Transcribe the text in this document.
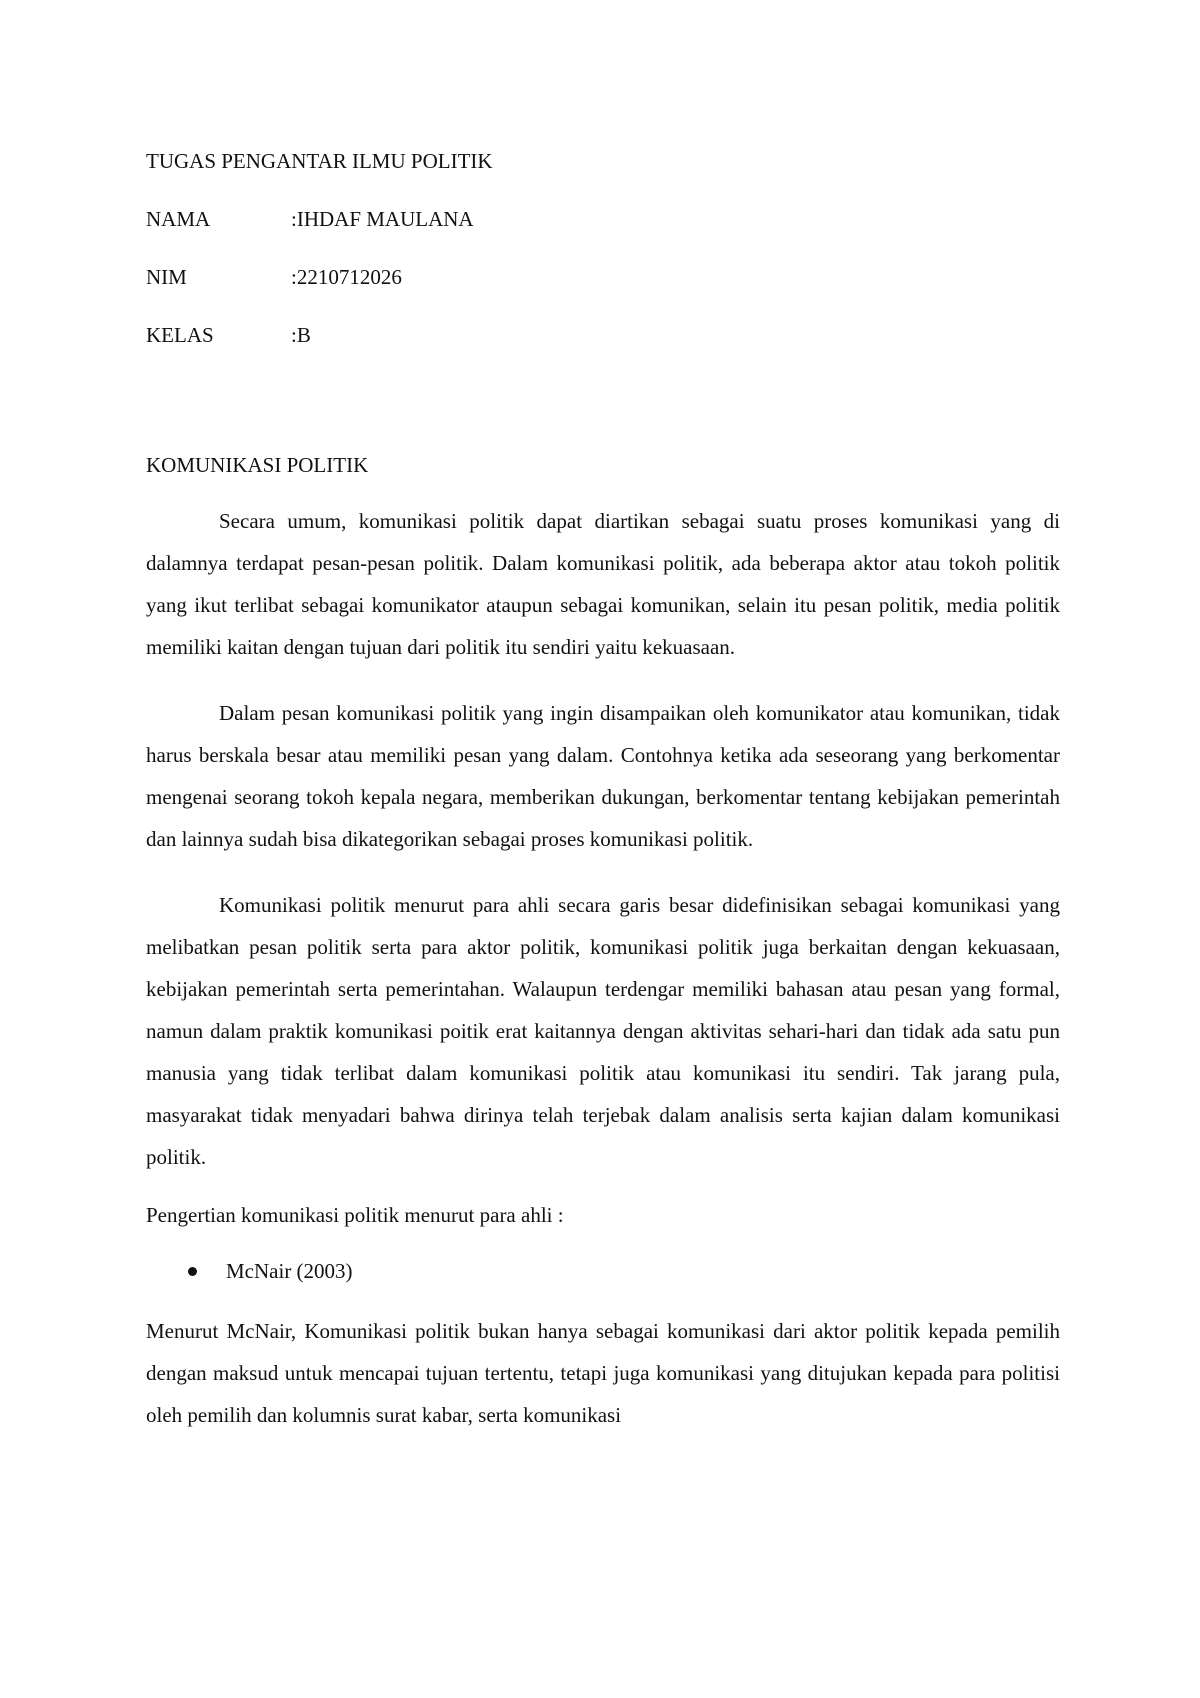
TUGAS PENGANTAR ILMU POLITIK

NAMA	:IHDAF MAULANA
NIM	:2210712026
KELAS	:B

KOMUNIKASI POLITIK

Secara umum, komunikasi politik dapat diartikan sebagai suatu proses komunikasi yang di dalamnya terdapat pesan-pesan politik. Dalam komunikasi politik, ada beberapa aktor atau tokoh politik yang ikut terlibat sebagai komunikator ataupun sebagai komunikan, selain itu pesan politik, media politik memiliki kaitan dengan tujuan dari politik itu sendiri yaitu kekuasaan.

Dalam pesan komunikasi politik yang ingin disampaikan oleh komunikator atau komunikan, tidak harus berskala besar atau memiliki pesan yang dalam. Contohnya ketika ada seseorang yang berkomentar mengenai seorang tokoh kepala negara, memberikan dukungan, berkomentar tentang kebijakan pemerintah dan lainnya sudah bisa dikategorikan sebagai proses komunikasi politik.

Komunikasi politik menurut para ahli secara garis besar didefinisikan sebagai komunikasi yang melibatkan pesan politik serta para aktor politik, komunikasi politik juga berkaitan dengan kekuasaan, kebijakan pemerintah serta pemerintahan. Walaupun terdengar memiliki bahasan atau pesan yang formal, namun dalam praktik komunikasi poitik erat kaitannya dengan aktivitas sehari-hari dan tidak ada satu pun manusia yang tidak terlibat dalam komunikasi politik atau komunikasi itu sendiri. Tak jarang pula, masyarakat tidak menyadari bahwa dirinya telah terjebak dalam analisis serta kajian dalam komunikasi politik.

Pengertian komunikasi politik menurut para ahli :

McNair (2003)

Menurut McNair, Komunikasi politik bukan hanya sebagai komunikasi dari aktor politik kepada pemilih dengan maksud untuk mencapai tujuan tertentu, tetapi juga komunikasi yang ditujukan kepada para politisi oleh pemilih dan kolumnis surat kabar, serta komunikasi
